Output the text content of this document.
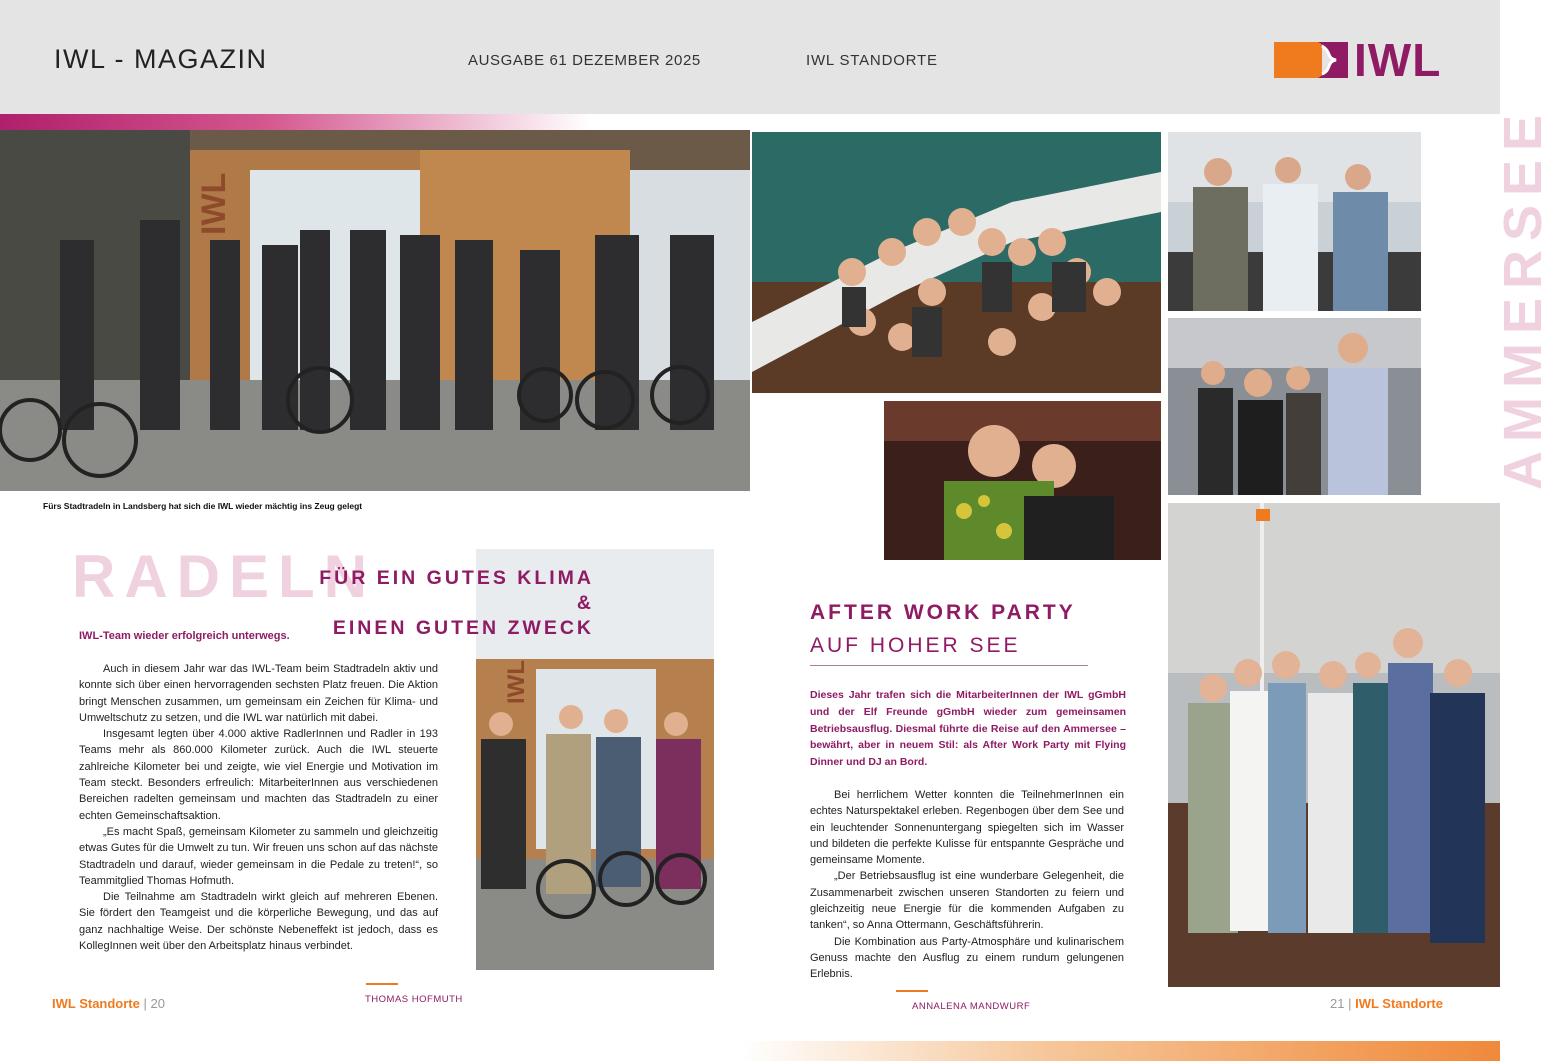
IWL - MAGAZIN	AUSGABE 61 DEZEMBER 2025	IWL STANDORTE	IWL
IWL
IWL
Fürs Stadtradeln in Landsberg hat sich die IWL wieder mächtig ins Zeug gelegt
RADELN
FÜR EIN GUTES KLIMA &
EINEN GUTEN ZWECK
IWL-Team wieder erfolgreich unterwegs.

Auch in diesem Jahr war das IWL-Team beim Stadtradeln aktiv und konnte sich über einen hervorragenden sechsten Platz freuen. Die Aktion bringt Menschen zusammen, um gemeinsam ein Zeichen für Klima- und Umweltschutz zu setzen, und die IWL war natürlich mit dabei.

Insgesamt legten über 4.000 aktive RadlerInnen und Radler in 193 Teams mehr als 860.000 Kilometer zurück. Auch die IWL steuerte zahlreiche Kilometer bei und zeigte, wie viel Energie und Motivation im Team steckt. Besonders erfreulich: MitarbeiterInnen aus verschiedenen Bereichen radelten gemeinsam und machten das Stadtradeln zu einer echten Gemeinschaftsaktion.

„Es macht Spaß, gemeinsam Kilometer zu sammeln und gleichzeitig etwas Gutes für die Umwelt zu tun. Wir freuen uns schon auf das nächste Stadtradeln und darauf, wieder gemeinsam in die Pedale zu treten!“, so Teammitglied Thomas Hofmuth.

Die Teilnahme am Stadtradeln wirkt gleich auf mehreren Ebenen. Sie fördert den Teamgeist und die körperliche Bewegung, und das auf ganz nachhaltige Weise. Der schönste Nebeneffekt ist jedoch, dass es KollegInnen weit über den Arbeitsplatz hinaus verbindet.

THOMAS HOFMUTH
AFTER WORK PARTY
AUF HOHER SEE
Dieses Jahr trafen sich die MitarbeiterInnen der IWL gGmbH und der Elf Freunde gGmbH wieder zum gemeinsamen Betriebsausflug. Diesmal führte die Reise auf den Ammersee – bewährt, aber in neuem Stil: als After Work Party mit Flying Dinner und DJ an Bord.

Bei herrlichem Wetter konnten die TeilnehmerInnen ein echtes Naturspektakel erleben. Regenbogen über dem See und ein leuchtender Sonnenuntergang spiegelten sich im Wasser und bildeten die perfekte Kulisse für entspannte Gespräche und gemeinsame Momente.

„Der Betriebsausflug ist eine wunderbare Gelegenheit, die Zusammenarbeit zwischen unseren Standorten zu feiern und gleichzeitig neue Energie für die kommenden Aufgaben zu tanken“, so Anna Ottermann, Geschäftsführerin.

Die Kombination aus Party-Atmosphäre und kulinarischem Genuss machte den Ausflug zu einem rundum gelungenen Erlebnis.

ANNALENA MANDWURF
AMMERSEE
IWL Standorte | 20	21 | IWL Standorte
